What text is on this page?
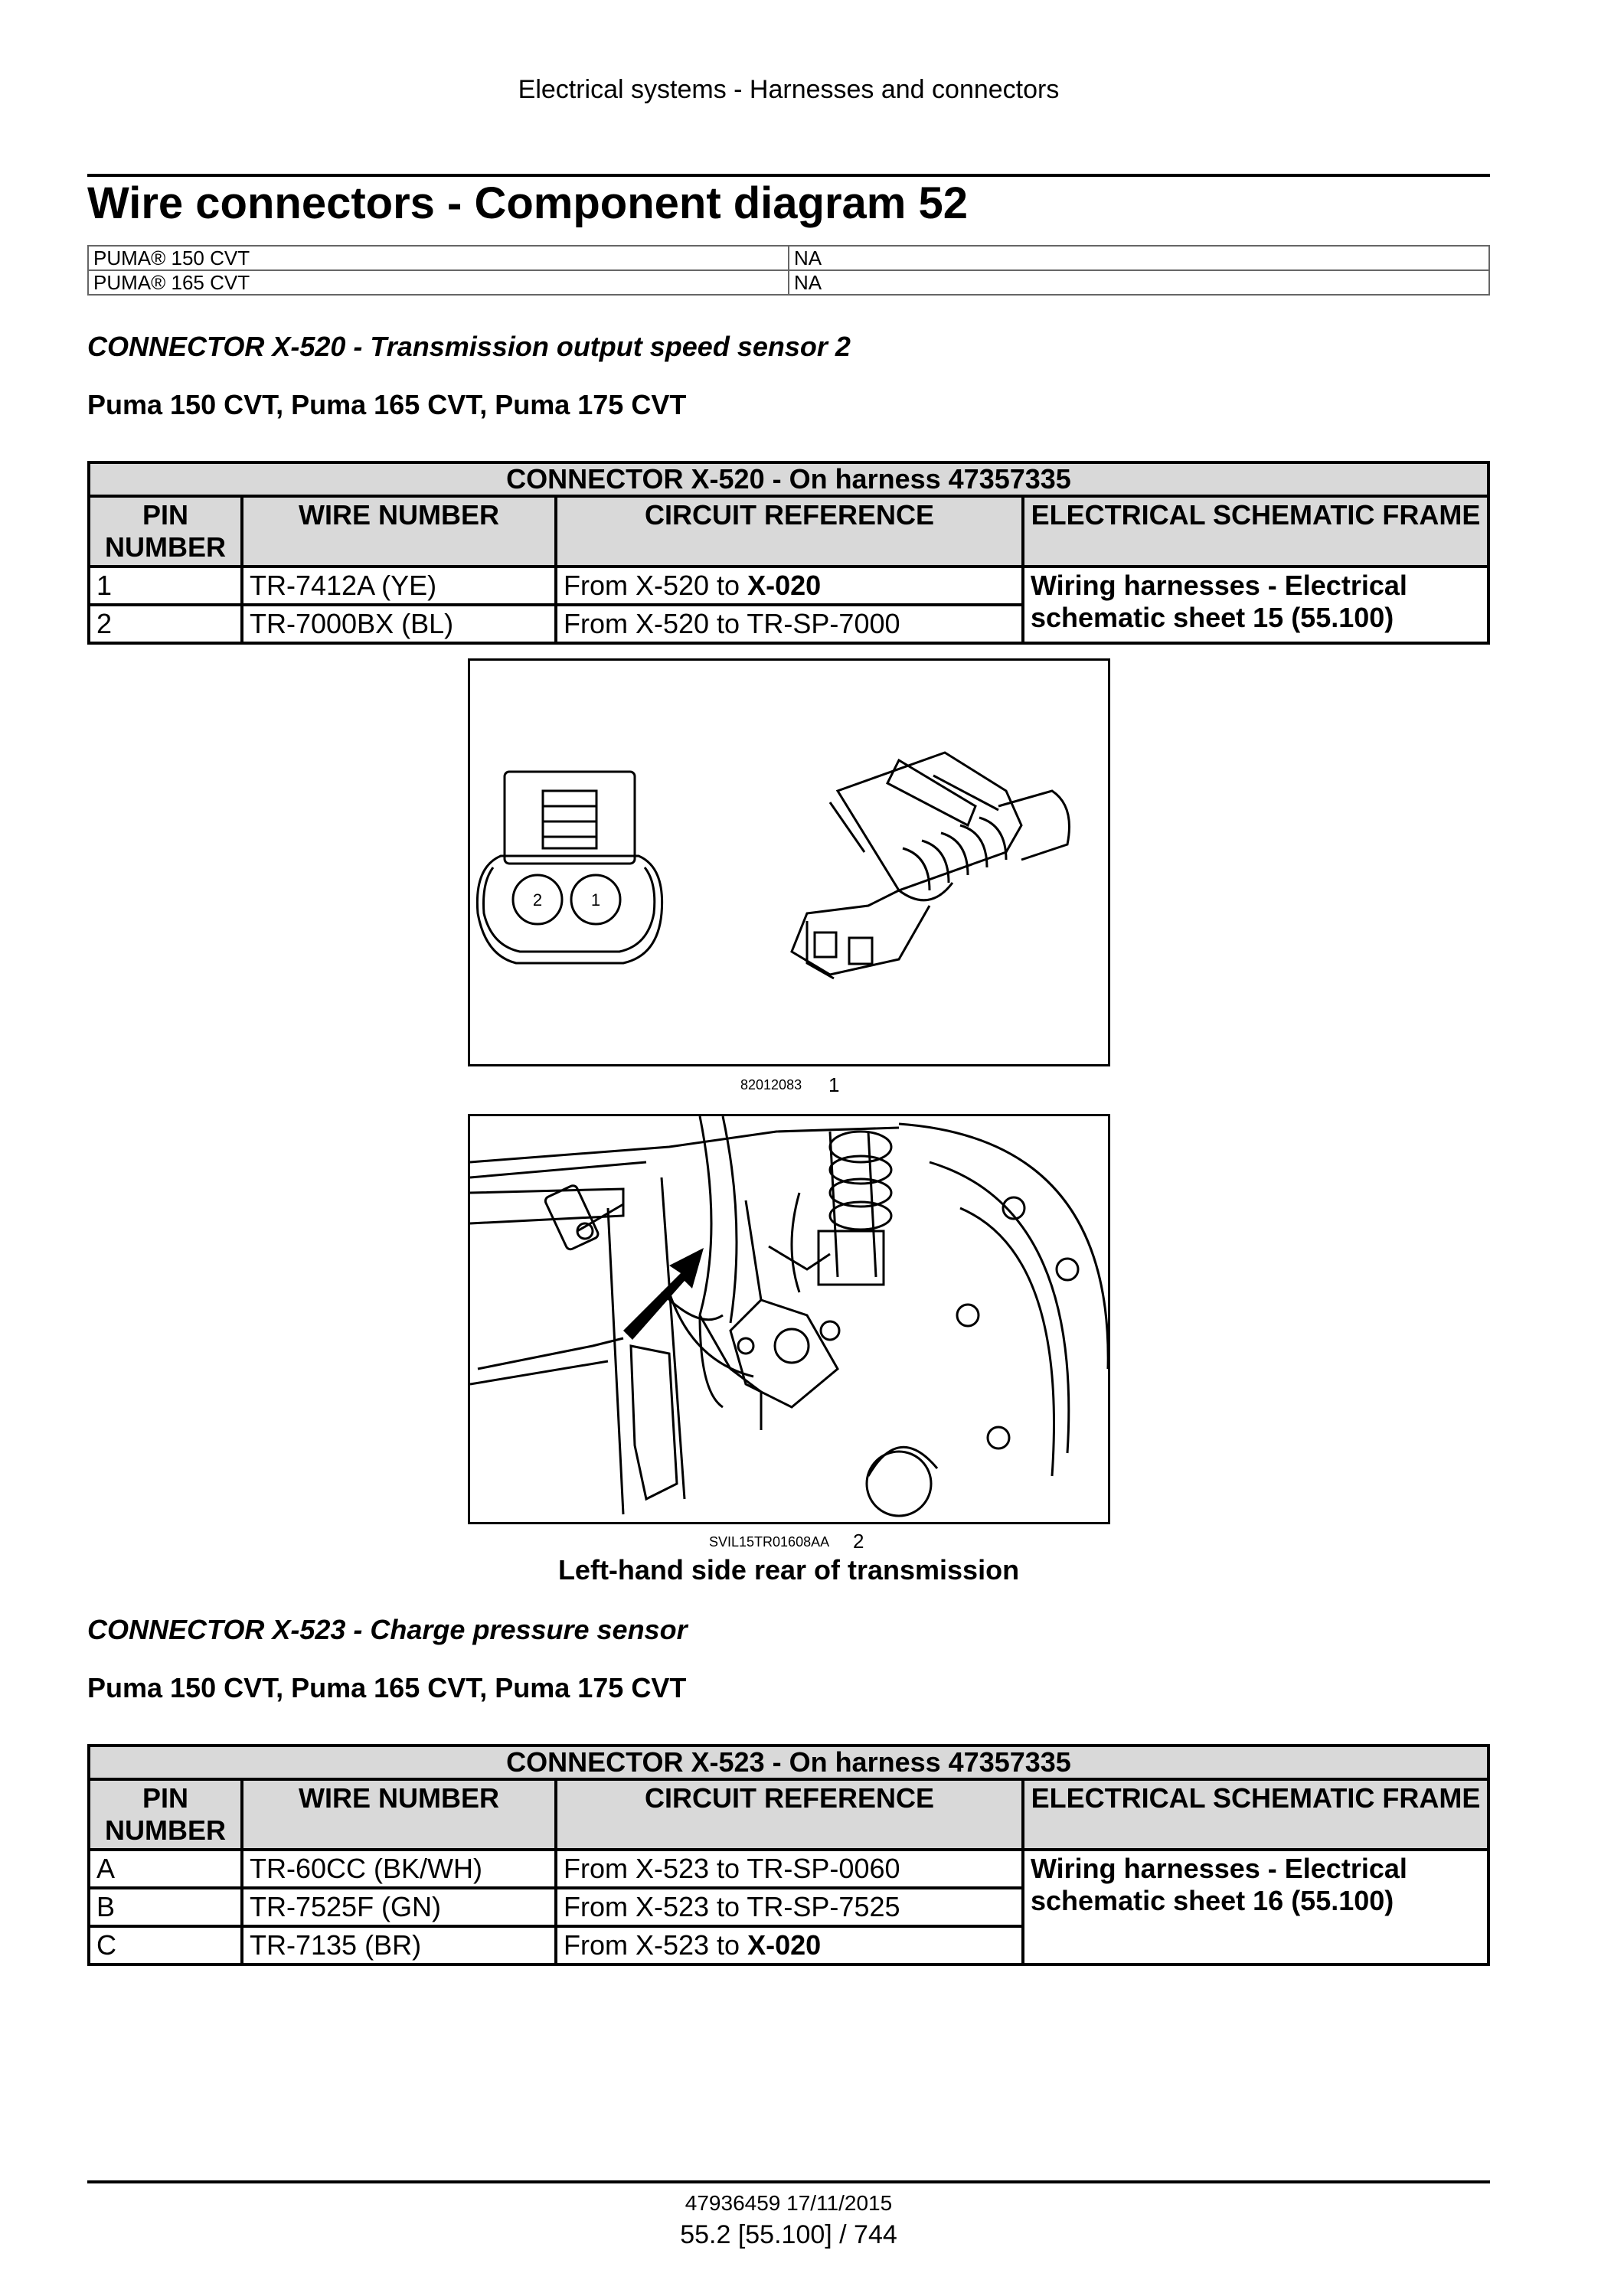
Electrical systems - Harnesses and connectors
Wire connectors - Component diagram 52
PUMA® 150 CVT	NA
PUMA® 165 CVT	NA
CONNECTOR X-520 - Transmission output speed sensor 2
Puma 150 CVT, Puma 165 CVT, Puma 175 CVT
CONNECTOR X-520 - On harness 47357335			
PIN NUMBER	WIRE NUMBER	CIRCUIT REFERENCE	ELECTRICAL SCHEMATIC FRAME
1	TR-7412A (YE)	From X-520 to X-020	Wiring harnesses - Electrical schematic sheet 15 (55.100)
2	TR-7000BX (BL)	From X-520 to TR-SP-7000	
2	1
82012083 1
SVIL15TR01608AA 2
Left-hand side rear of transmission
CONNECTOR X-523 - Charge pressure sensor
Puma 150 CVT, Puma 165 CVT, Puma 175 CVT
CONNECTOR X-523 - On harness 47357335			
PIN NUMBER	WIRE NUMBER	CIRCUIT REFERENCE	ELECTRICAL SCHEMATIC FRAME
A	TR-60CC (BK/WH)	From X-523 to TR-SP-0060	Wiring harnesses - Electrical schematic sheet 16 (55.100)
B	TR-7525F (GN)	From X-523 to TR-SP-7525	
C	TR-7135 (BR)	From X-523 to X-020	
47936459 17/11/2015
55.2 [55.100] / 744
